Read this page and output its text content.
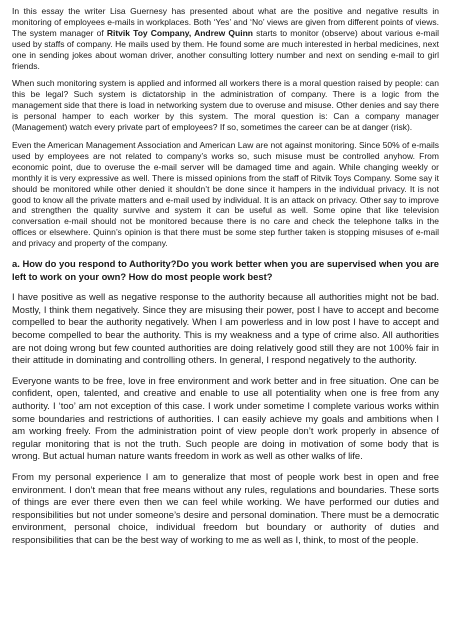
In this essay the writer Lisa Guernesy has presented about what are the positive and negative results in monitoring of employees e-mails in workplaces. Both ‘Yes’ and ‘No’ views are given from different points of views. The system manager of Ritvik Toy Company, Andrew Quinn starts to monitor (observe) about various e-mail used by staffs of company. He mails used by them. He found some are much interested in herbal medicines, next one in sending jokes about woman driver, another consulting lottery number and next on sending e-mail to girl friends.

When such monitoring system is applied and informed all workers there is a moral question raised by people: can this be legal? Such system is dictatorship in the administration of company. There is a logic from the management side that there is load in networking system due to overuse and misuse. Other denies and say there is personal hamper to each worker by this system. The moral question is: Can a company manager (Management) watch every private part of employees? If so, sometimes the career can be at danger (risk).

Even the American Management Association and American Law are not against monitoring. Since 50% of e-mails used by employees are not related to company’s works so, such misuse must be controlled anyhow. From economic point, due to overuse the e-mail server will be damaged time and again. While changing weekly or monthly it is very expressive as well. There is missed opinions from the staff of Ritvik Toys Company. Some say it should be monitored while other denied it shouldn’t be done since it hampers in the individual privacy. It is not good to know all the private matters and e-mail used by individual. It is an attack on privacy. Other say to improve and strengthen the quality survive and system it can be useful as well. Some opine that like television conversation e-mail should not be monitored because there is no care and check the telephone talks in the offices or elsewhere. Quinn’s opinion is that there must be some step further taken is stopping misuses of e-mail and privacy and property of the company.

a. How do you respond to Authority?Do you work better when you are supervised when you are left to work on your own? How do most people work best?

I have positive as well as negative response to the authority because all authorities might not be bad. Mostly, I think them negatively. Since they are misusing their power, post I have to accept and become compelled to bear the authority negatively. When I am powerless and in low post I have to accept and become compelled to bear the authority. This is my weakness and a type of crime also. All authorities are not doing wrong but few counted authorities are doing relatively good still they are not 100% fair in their attitude in dominating and controlling others. In general, I respond negatively to the authority.

Everyone wants to be free, love in free environment and work better and in free situation. One can be confident, open, talented, and creative and enable to use all potentiality when one is free from any authority. I ‘too’ am not exception of this case. I work under sometime I complete various works within some boundaries and restrictions of authorities. I can easily achieve my goals and ambitions when I am working freely. From the administration point of view people don’t work properly in absence of regular monitoring that is not the truth. Such people are doing in motivation of some body that is wrong. But actual human nature wants freedom in work as well as other walks of life.

From my personal experience I am to generalize that most of people work best in open and free environment. I don’t mean that free means without any rules, regulations and boundaries. These sorts of things are ever there even then we can feel while working. We have performed our duties and responsibilities but not under someone’s desire and personal domination. There must be a democratic environment, personal choice, individual freedom but boundary or authority of duties and responsibilities that can be the best way of working to me as well as I, think, to most of the people.
